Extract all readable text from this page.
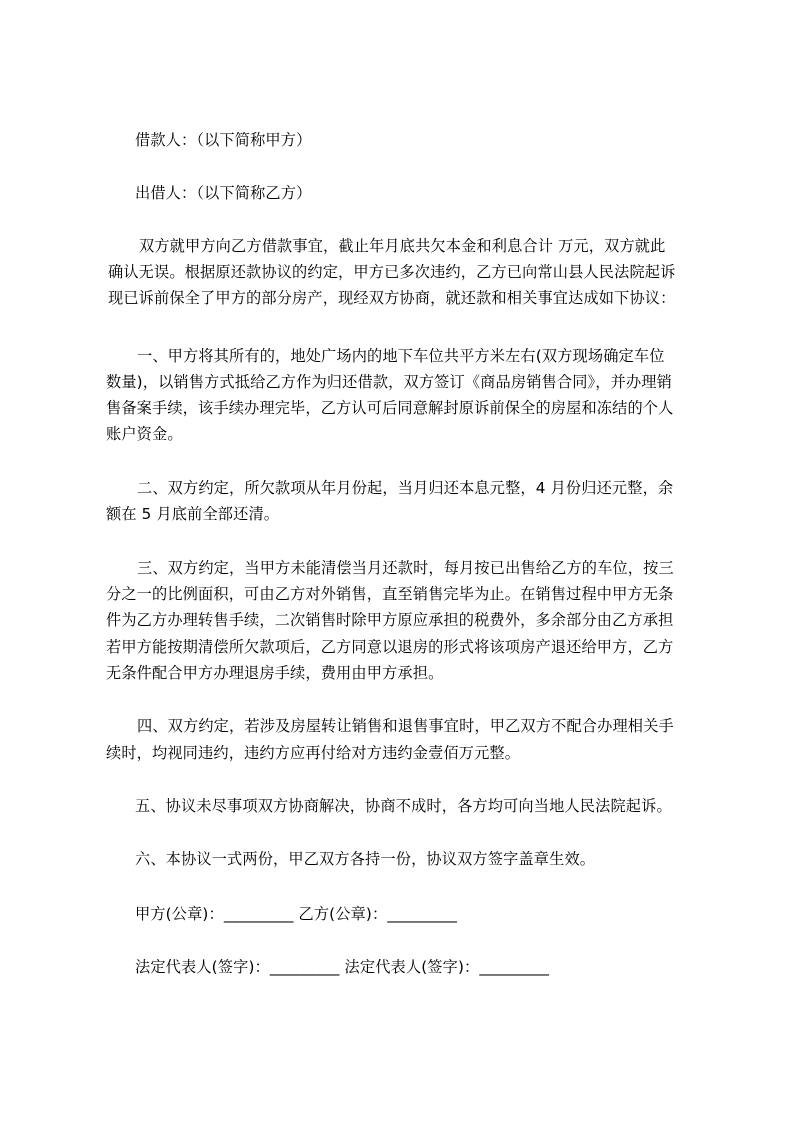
借款人：（以下简称甲方）
出借人：（以下简称乙方）
双方就甲方向乙方借款事宜，截止年月底共欠本金和利息合计 万元，双方就此
确认无误。根据原还款协议的约定，甲方已多次违约，乙方已向常山县人民法院起诉
现已诉前保全了甲方的部分房产，现经双方协商，就还款和相关事宜达成如下协议：
一、甲方将其所有的，地处广场内的地下车位共平方米左右(双方现场确定车位
数量)，以销售方式抵给乙方作为归还借款，双方签订《商品房销售合同》，并办理销
售备案手续，该手续办理完毕，乙方认可后同意解封原诉前保全的房屋和冻结的个人
账户资金。
二、双方约定，所欠款项从年月份起，当月归还本息元整，4 月份归还元整，余
额在 5 月底前全部还清。
三、双方约定，当甲方未能清偿当月还款时，每月按已出售给乙方的车位，按三
分之一的比例面积，可由乙方对外销售，直至销售完毕为止。在销售过程中甲方无条
件为乙方办理转售手续，二次销售时除甲方原应承担的税费外，多余部分由乙方承担
若甲方能按期清偿所欠款项后，乙方同意以退房的形式将该项房产退还给甲方，乙方
无条件配合甲方办理退房手续，费用由甲方承担。
四、双方约定，若涉及房屋转让销售和退售事宜时，甲乙双方不配合办理相关手
续时，均视同违约，违约方应再付给对方违约金壹佰万元整。
五、协议未尽事项双方协商解决，协商不成时，各方均可向当地人民法院起诉。
六、本协议一式两份，甲乙双方各持一份，协议双方签字盖章生效。
甲方(公章)：_________ 乙方(公章)：_________
法定代表人(签字)：_________ 法定代表人(签字)：_________
